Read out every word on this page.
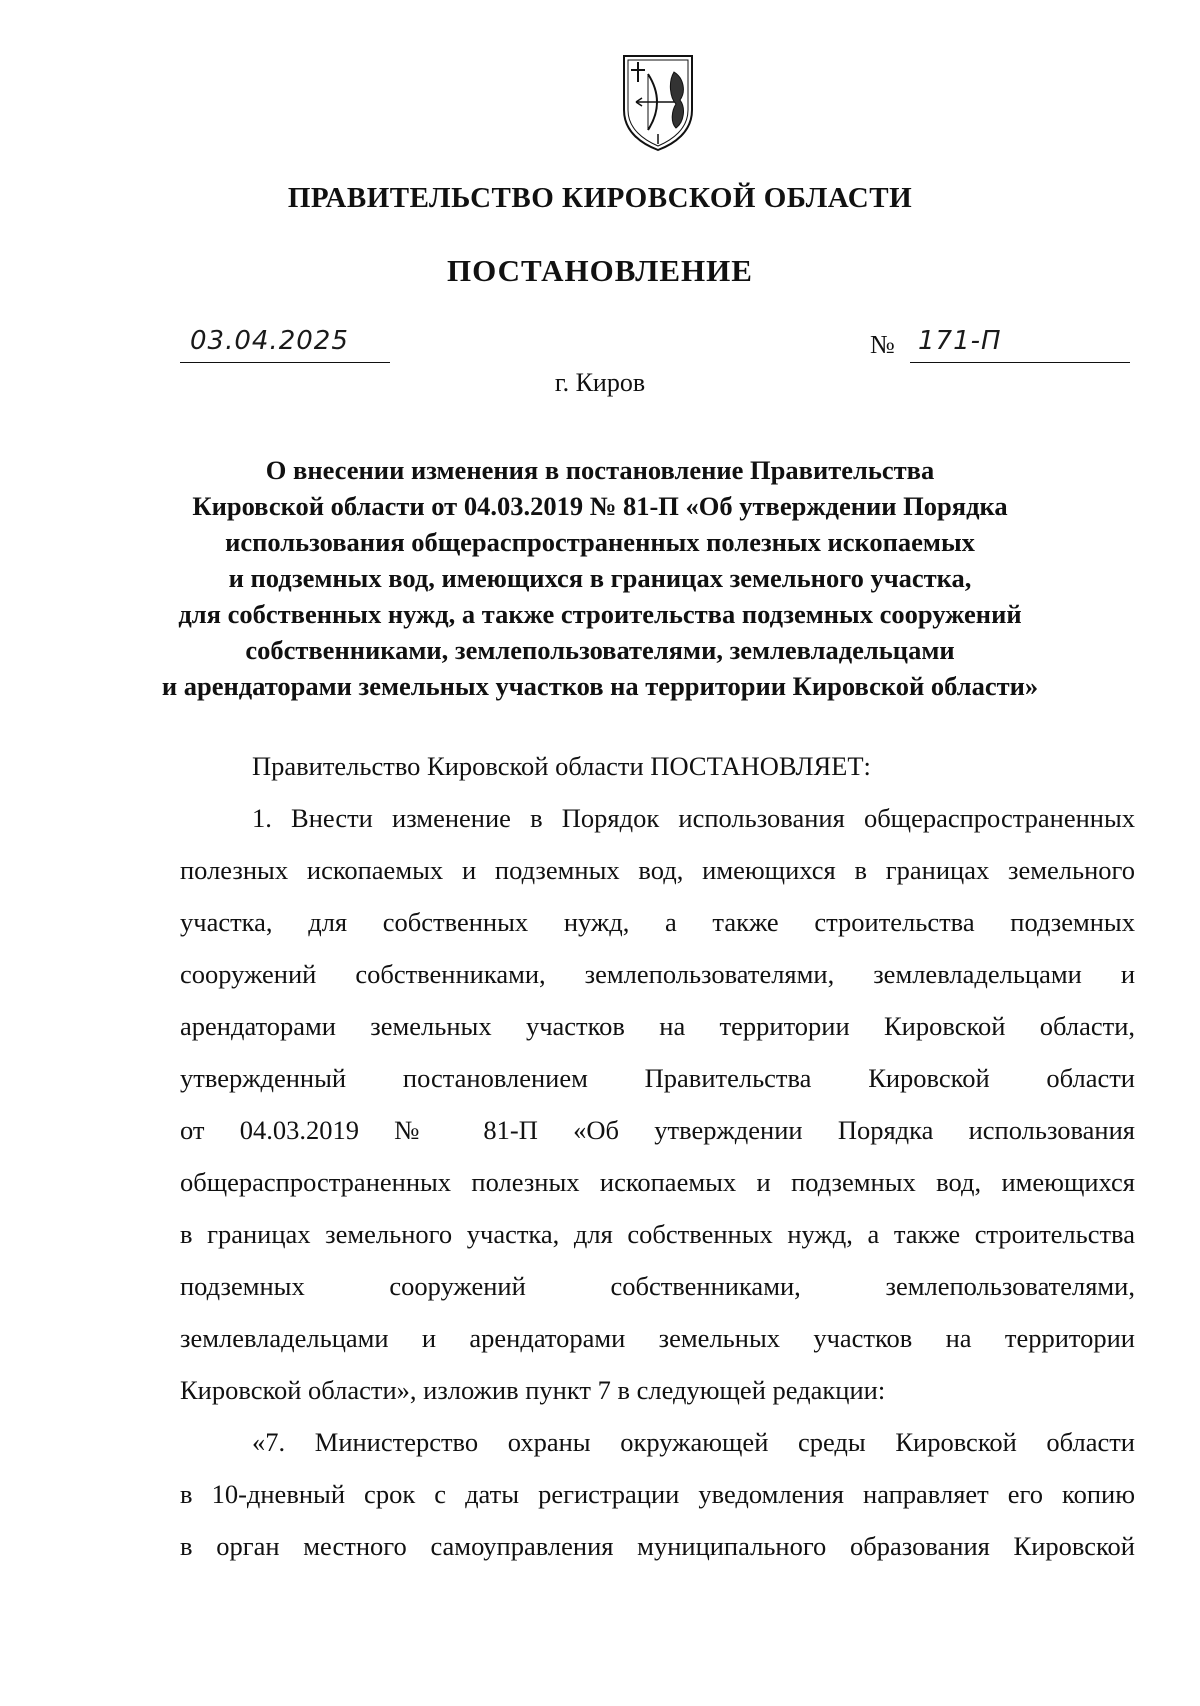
ПРАВИТЕЛЬСТВО КИРОВСКОЙ ОБЛАСТИ
ПОСТАНОВЛЕНИЕ
03.04.2025	№ 171-П
г. Киров
О внесении изменения в постановление Правительства
Кировской области от 04.03.2019 № 81-П «Об утверждении Порядка
использования общераспространенных полезных ископаемых
и подземных вод, имеющихся в границах земельного участка,
для собственных нужд, а также строительства подземных сооружений
собственниками, землепользователями, землевладельцами
и арендаторами земельных участков на территории Кировской области»
Правительство Кировской области ПОСТАНОВЛЯЕТ:
1. Внести изменение в Порядок использования общераспространенных
полезных ископаемых и подземных вод, имеющихся в границах земельного
участка, для собственных нужд, а также строительства подземных
сооружений собственниками, землепользователями, землевладельцами и
арендаторами земельных участков на территории Кировской области,
утвержденный постановлением Правительства Кировской области
от 04.03.2019 № 81-П «Об утверждении Порядка использования
общераспространенных полезных ископаемых и подземных вод, имеющихся
в границах земельного участка, для собственных нужд, а также строительства
подземных сооружений собственниками, землепользователями,
землевладельцами и арендаторами земельных участков на территории
Кировской области», изложив пункт 7 в следующей редакции:
«7. Министерство охраны окружающей среды Кировской области
в 10-дневный срок с даты регистрации уведомления направляет его копию
в орган местного самоуправления муниципального образования Кировской
